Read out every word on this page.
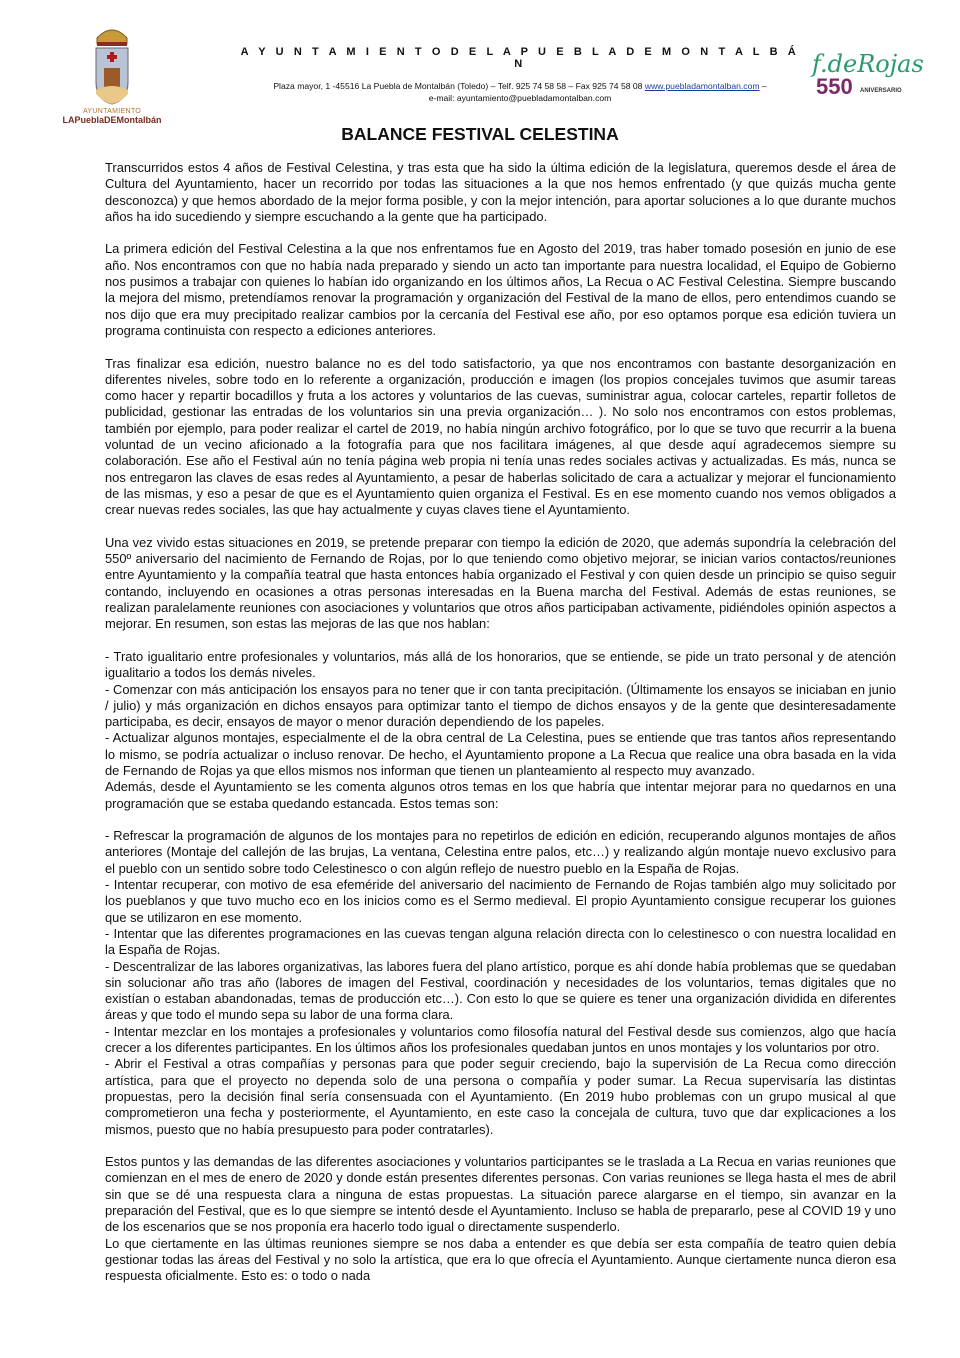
AYUNTAMIENTO
LAPueblaDEMontalbán
A Y U N T A M I E N T O D E L A P U E B L A D E M O N T A L B Á N
Plaza mayor, 1 -45516 La Puebla de Montalbán (Toledo) – Telf. 925 74 58 58 – Fax 925 74 58 08 www.puebladamontalban.com –
e-mail: ayuntamiento@puebladamontalban.com
f.deRojas
550 ANIVERSARIO
BALANCE FESTIVAL CELESTINA

Transcurridos estos 4 años de Festival Celestina, y tras esta que ha sido la última edición de la legislatura, queremos desde el área de Cultura del Ayuntamiento, hacer un recorrido por todas las situaciones a la que nos hemos enfrentado (y que quizás mucha gente desconozca) y que hemos abordado de la mejor forma posible, y con la mejor intención, para aportar soluciones a lo que durante muchos años ha ido sucediendo y siempre escuchando a la gente que ha participado.

La primera edición del Festival Celestina a la que nos enfrentamos fue en Agosto del 2019, tras haber tomado posesión en junio de ese año. Nos encontramos con que no había nada preparado y siendo un acto tan importante para nuestra localidad, el Equipo de Gobierno nos pusimos a trabajar con quienes lo habían ido organizando en los últimos años, La Recua o AC Festival Celestina. Siempre buscando la mejora del mismo, pretendíamos renovar la programación y organización del Festival de la mano de ellos, pero entendimos cuando se nos dijo que era muy precipitado realizar cambios por la cercanía del Festival ese año, por eso optamos porque esa edición tuviera un programa continuista con respecto a ediciones anteriores.

Tras finalizar esa edición, nuestro balance no es del todo satisfactorio, ya que nos encontramos con bastante desorganización en diferentes niveles, sobre todo en lo referente a organización, producción e imagen (los propios concejales tuvimos que asumir tareas como hacer y repartir bocadillos y fruta a los actores y voluntarios de las cuevas, suministrar agua, colocar carteles, repartir folletos de publicidad, gestionar las entradas de los voluntarios sin una previa organización… ). No solo nos encontramos con estos problemas, también por ejemplo, para poder realizar el cartel de 2019, no había ningún archivo fotográfico, por lo que se tuvo que recurrir a la buena voluntad de un vecino aficionado a la fotografía para que nos facilitara imágenes, al que desde aquí agradecemos siempre su colaboración. Ese año el Festival aún no tenía página web propia ni tenía unas redes sociales activas y actualizadas. Es más, nunca se nos entregaron las claves de esas redes al Ayuntamiento, a pesar de haberlas solicitado de cara a actualizar y mejorar el funcionamiento de las mismas, y eso a pesar de que es el Ayuntamiento quien organiza el Festival. Es en ese momento cuando nos vemos obligados a crear nuevas redes sociales, las que hay actualmente y cuyas claves tiene el Ayuntamiento.

Una vez vivido estas situaciones en 2019, se pretende preparar con tiempo la edición de 2020, que además supondría la celebración del 550º aniversario del nacimiento de Fernando de Rojas, por lo que teniendo como objetivo mejorar, se inician varios contactos/reuniones entre Ayuntamiento y la compañía teatral que hasta entonces había organizado el Festival y con quien desde un principio se quiso seguir contando, incluyendo en ocasiones a otras personas interesadas en la Buena marcha del Festival. Además de estas reuniones, se realizan paralelamente reuniones con asociaciones y voluntarios que otros años participaban activamente, pidiéndoles opinión aspectos a mejorar. En resumen, son estas las mejoras de las que nos hablan:

- Trato igualitario entre profesionales y voluntarios, más allá de los honorarios, que se entiende, se pide un trato personal y de atención igualitario a todos los demás niveles.

- Comenzar con más anticipación los ensayos para no tener que ir con tanta precipitación. (Últimamente los ensayos se iniciaban en junio / julio) y más organización en dichos ensayos para optimizar tanto el tiempo de dichos ensayos y de la gente que desinteresadamente participaba, es decir, ensayos de mayor o menor duración dependiendo de los papeles.

- Actualizar algunos montajes, especialmente el de la obra central de La Celestina, pues se entiende que tras tantos años representando lo mismo, se podría actualizar o incluso renovar. De hecho, el Ayuntamiento propone a La Recua que realice una obra basada en la vida de Fernando de Rojas ya que ellos mismos nos informan que tienen un planteamiento al respecto muy avanzado.

Además, desde el Ayuntamiento se les comenta algunos otros temas en los que habría que intentar mejorar para no quedarnos en una programación que se estaba quedando estancada. Estos temas son:

- Refrescar la programación de algunos de los montajes para no repetirlos de edición en edición, recuperando algunos montajes de años anteriores (Montaje del callejón de las brujas, La ventana, Celestina entre palos, etc…) y realizando algún montaje nuevo exclusivo para el pueblo con un sentido sobre todo Celestinesco o con algún reflejo de nuestro pueblo en la España de Rojas.

- Intentar recuperar, con motivo de esa efeméride del aniversario del nacimiento de Fernando de Rojas también algo muy solicitado por los pueblanos y que tuvo mucho eco en los inicios como es el Sermo medieval. El propio Ayuntamiento consigue recuperar los guiones que se utilizaron en ese momento.

- Intentar que las diferentes programaciones en las cuevas tengan alguna relación directa con lo celestinesco o con nuestra localidad en la España de Rojas.

- Descentralizar de las labores organizativas, las labores fuera del plano artístico, porque es ahí donde había problemas que se quedaban sin solucionar año tras año (labores de imagen del Festival, coordinación y necesidades de los voluntarios, temas digitales que no existían o estaban abandonadas, temas de producción etc…). Con esto lo que se quiere es tener una organización dividida en diferentes áreas y que todo el mundo sepa su labor de una forma clara.

- Intentar mezclar en los montajes a profesionales y voluntarios como filosofía natural del Festival desde sus comienzos, algo que hacía crecer a los diferentes participantes. En los últimos años los profesionales quedaban juntos en unos montajes y los voluntarios por otro.

- Abrir el Festival a otras compañías y personas para que poder seguir creciendo, bajo la supervisión de La Recua como dirección artística, para que el proyecto no dependa solo de una persona o compañía y poder sumar. La Recua supervisaría las distintas propuestas, pero la decisión final sería consensuada con el Ayuntamiento. (En 2019 hubo problemas con un grupo musical al que comprometieron una fecha y posteriormente, el Ayuntamiento, en este caso la concejala de cultura, tuvo que dar explicaciones a los mismos, puesto que no había presupuesto para poder contratarles).

Estos puntos y las demandas de las diferentes asociaciones y voluntarios participantes se le traslada a La Recua en varias reuniones que comienzan en el mes de enero de 2020 y donde están presentes diferentes personas. Con varias reuniones se llega hasta el mes de abril sin que se dé una respuesta clara a ninguna de estas propuestas. La situación parece alargarse en el tiempo, sin avanzar en la preparación del Festival, que es lo que siempre se intentó desde el Ayuntamiento. Incluso se habla de prepararlo, pese al COVID 19 y uno de los escenarios que se nos proponía era hacerlo todo igual o directamente suspenderlo.

Lo que ciertamente en las últimas reuniones siempre se nos daba a entender es que debía ser esta compañía de teatro quien debía gestionar todas las áreas del Festival y no solo la artística, que era lo que ofrecía el Ayuntamiento. Aunque ciertamente nunca dieron esa respuesta oficialmente. Esto es: o todo o nada
